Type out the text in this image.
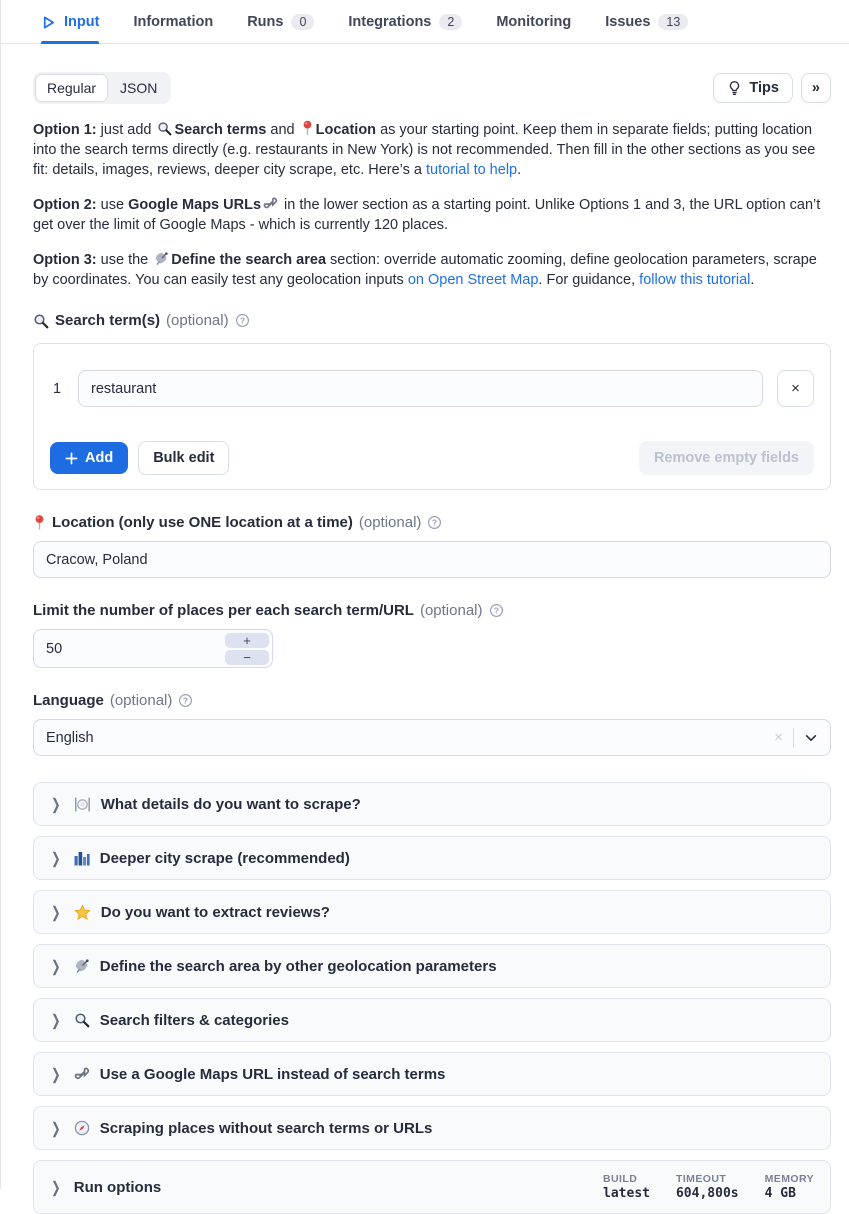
Input Information Runs	0	Integrations	2	Monitoring Issues	13
Regular	JSON	Tips »

Option 1: just add
Search terms and
Location as your starting point. Keep them in separate fields; putting location into the search terms directly (e.g. restaurants in New York) is not recommended. Then fill in the other sections as you see fit: details, images, reviews, deeper city scrape, etc. Here’s a tutorial to help.

Option 2: use Google Maps URLs
in the lower section as a starting point. Unlike Options 1 and 3, the URL option can’t get over the limit of Google Maps - which is currently 120 places.

Option 3: use the
Define the search area section: override automatic zooming, define geolocation parameters, scrape by coordinates. You can easily test any geolocation inputs on Open Street Map. For guidance, follow this tutorial.

Search term(s) (optional) ?
1
restaurant	×
Add	Bulk edit	Remove empty fields
Location (only use ONE location at a time) (optional) ?
Cracow, Poland
Limit the number of places per each search term/URL (optional) ?
50
+
−
Language (optional) ?
English	×
❯	What details do you want to scrape?
❯	Deeper city scrape (recommended)
❯	Do you want to extract reviews?
❯	Define the search area by other geolocation parameters
❯	Search filters & categories
❯	Use a Google Maps URL instead of search terms
❯	Scraping places without search terms or URLs
❯ Run options	BUILD
latest
TIMEOUT
604,800s
MEMORY
4 GB
